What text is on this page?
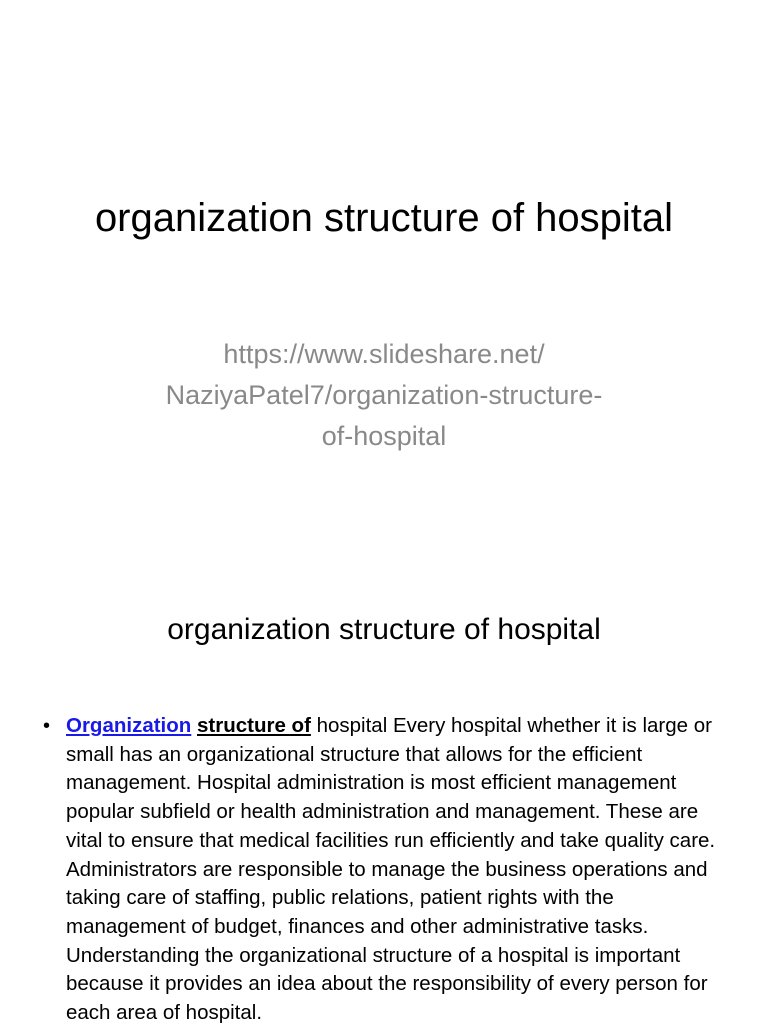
organization structure of hospital

https://www.slideshare.net/
NaziyaPatel7/organization-structure-
of-hospital

organization structure of hospital
• Organization structure of hospital Every hospital whether it is large or small has an organizational structure that allows for the efficient management. Hospital administration is most efficient management popular subfield or health administration and management. These are vital to ensure that medical facilities run efficiently and take quality care. Administrators are responsible to manage the business operations and taking care of staffing, public relations, patient rights with the management of budget, finances and other administrative tasks. Understanding the organizational structure of a hospital is important because it provides an idea about the responsibility of every person for each area of hospital.
